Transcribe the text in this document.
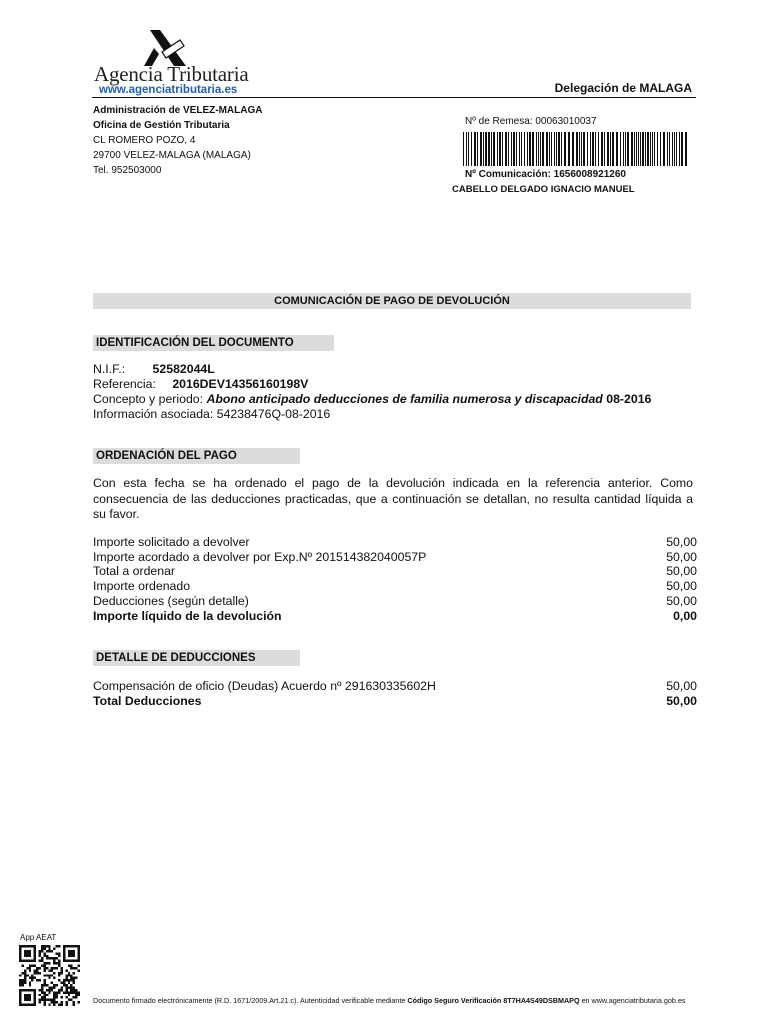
Agencia Tributaria
www.agenciatributaria.es	Delegación de MALAGA
Administración de VELEZ-MALAGA
Oficina de Gestión Tributaria
CL ROMERO POZO, 4
29700 VELEZ-MALAGA (MALAGA)
Tel. 952503000
Nº de Remesa: 00063010037
Nº Comunicación: 1656008921260
CABELLO DELGADO IGNACIO MANUEL
COMUNICACIÓN DE PAGO DE DEVOLUCIÓN
IDENTIFICACIÓN DEL DOCUMENTO
N.I.F.: 52582044L
Referencia: 2016DEV14356160198V
Concepto y periodo: Abono anticipado deducciones de familia numerosa y discapacidad 08-2016
Información asociada: 54238476Q-08-2016
ORDENACIÓN DEL PAGO
Con esta fecha se ha ordenado el pago de la devolución indicada en la referencia anterior. Como consecuencia de las deducciones practicadas, que a continuación se detallan, no resulta cantidad líquida a su favor.
Importe solicitado a devolver	50,00
Importe acordado a devolver por Exp.Nº 201514382040057P	50,00
Total a ordenar	50,00
Importe ordenado	50,00
Deducciones (según detalle)	50,00
Importe líquido de la devolución	0,00
DETALLE DE DEDUCCIONES
Compensación de oficio (Deudas) Acuerdo nº 291630335602H	50,00
Total Deducciones	50,00
App AEAT
Documento firmado electrónicamente (R.D. 1671/2009.Art.21.c). Autenticidad verificable mediante Código Seguro Verificación 8T7HA4S49DSBMAPQ en www.agenciatributaria.gob.es
